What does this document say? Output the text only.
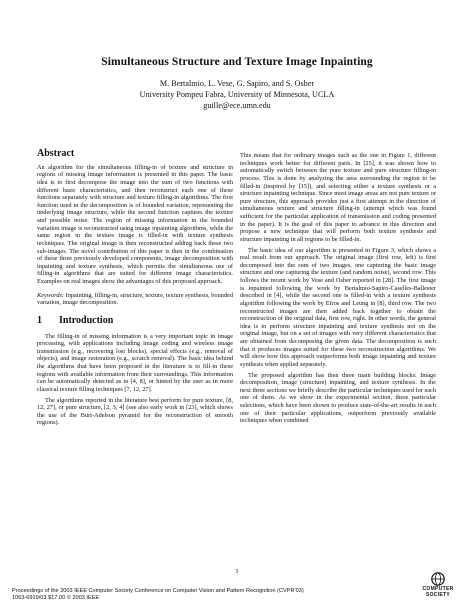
Simultaneous Structure and Texture Image Inpainting
M. Bertalmio, L. Vese, G. Sapiro, and S. Osher
University Pompeu Fabra, University of Minnesota, UCLA
guille@ece.umn.edu
Abstract

An algorithm for the simultaneous filling-in of texture and structure in regions of missing image information is presented in this paper. The basic idea is to first decompose the image into the sum of two functions with different basic characteristics, and then reconstruct each one of these functions separately with structure and texture filling-in algorithms. The first function used in the decomposition is of bounded variation, representing the underlying image structure, while the second function captures the texture and possible noise. The region of missing information in the bounded variation image is reconstructed using image inpainting algorithms, while the same region in the texture image is filled-in with texture synthesis techniques. The original image is then reconstructed adding back these two sub-images. The novel contribution of this paper is then in the combination of these three previously developed components, image decomposition with inpainting and texture synthesis, which permits the simultaneous use of filling-in algorithms that are suited for different image characteristics. Examples on real images show the advantages of this proposed approach.

Keywords: Inpainting, filling-in, structure, texture, texture synthesis, bounded variation, image decomposition.

1 Introduction

The filling-in of missing information is a very important topic in image processing, with applications including image coding and wireless image transmission (e.g., recovering lost blocks), special effects (e.g., removal of objects), and image restoration (e.g., scratch removal). The basic idea behind the algorithms that have been proposed in the literature is to fill-in these regions with available information from their surroundings. This information can be automatically detected as in [4, 8], or hinted by the user as in more classical texture filling techniques [7, 12, 27].

The algorithms reported in the literature best perform for pure texture, [8, 12, 27], or pure structure, [2, 3, 4] (see also early work in [23], which shows the use of the Burt-Adelson pyramid for the reconstruction of smooth regions).

This means that for ordinary images such as the one in Figure 1, different techniques work better for different parts. In [25], it was shown how to automatically switch between the pure texture and pure structure filling-in process. This is done by analyzing the area surrounding the region to be filled-in (inspired by [15]), and selecting either a texture synthesis or a structure inpainting technique. Since most image areas are not pure texture or pure structure, this approach provides just a first attempt in the direction of simultaneous texture and structure filling-in (attempt which was found sufficient for the particular application of transmission and coding presented in the paper). It is the goal of this paper to advance in this direction and propose a new technique that will perform both texture synthesis and structure inpainting in all regions to be filled-in.

The basic idea of our algorithm is presented in Figure 3, which shows a real result from our approach. The original image (first row, left) is first decomposed into the sum of two images, one capturing the basic image structure and one capturing the texture (and random noise), second row. This follows the recent work by Vese and Osher reported in [28]. The first image is inpainted following the work by Bertalmio-Sapiro-Caselles-Ballester described in [4], while the second one is filled-in with a texture synthesis algorithm following the work by Efros and Leung in [8], third row. The two reconstructed images are then added back together to obtain the reconstruction of the original data, first row, right. In other words, the general idea is to perform structure inpainting and texture synthesis not on the original image, but on a set of images with very different characteristics that are obtained from decomposing the given data. The decomposition is such that it produces images suited for these two reconstruction algorithms. We will show how this approach outperforms both image inpainting and texture synthesis when applied separately.

The proposed algorithm has then three main building blocks: Image decomposition, image (structure) inpainting, and texture synthesis. In the next three sections we briefly describe the particular techniques used for each one of them. As we show in the experimental section, these particular selections, which have been shown to produce state-of-the-art results in each one of their particular applications, outperform previously available techniques when combined

1
Proceedings of the 2003 IEEE Computer Society Conference on Computer Vision and Pattern Recognition (CVPR'03)
1063-6919/03 $17.00 © 2003 IEEE
COMPUTER
SOCIETY
